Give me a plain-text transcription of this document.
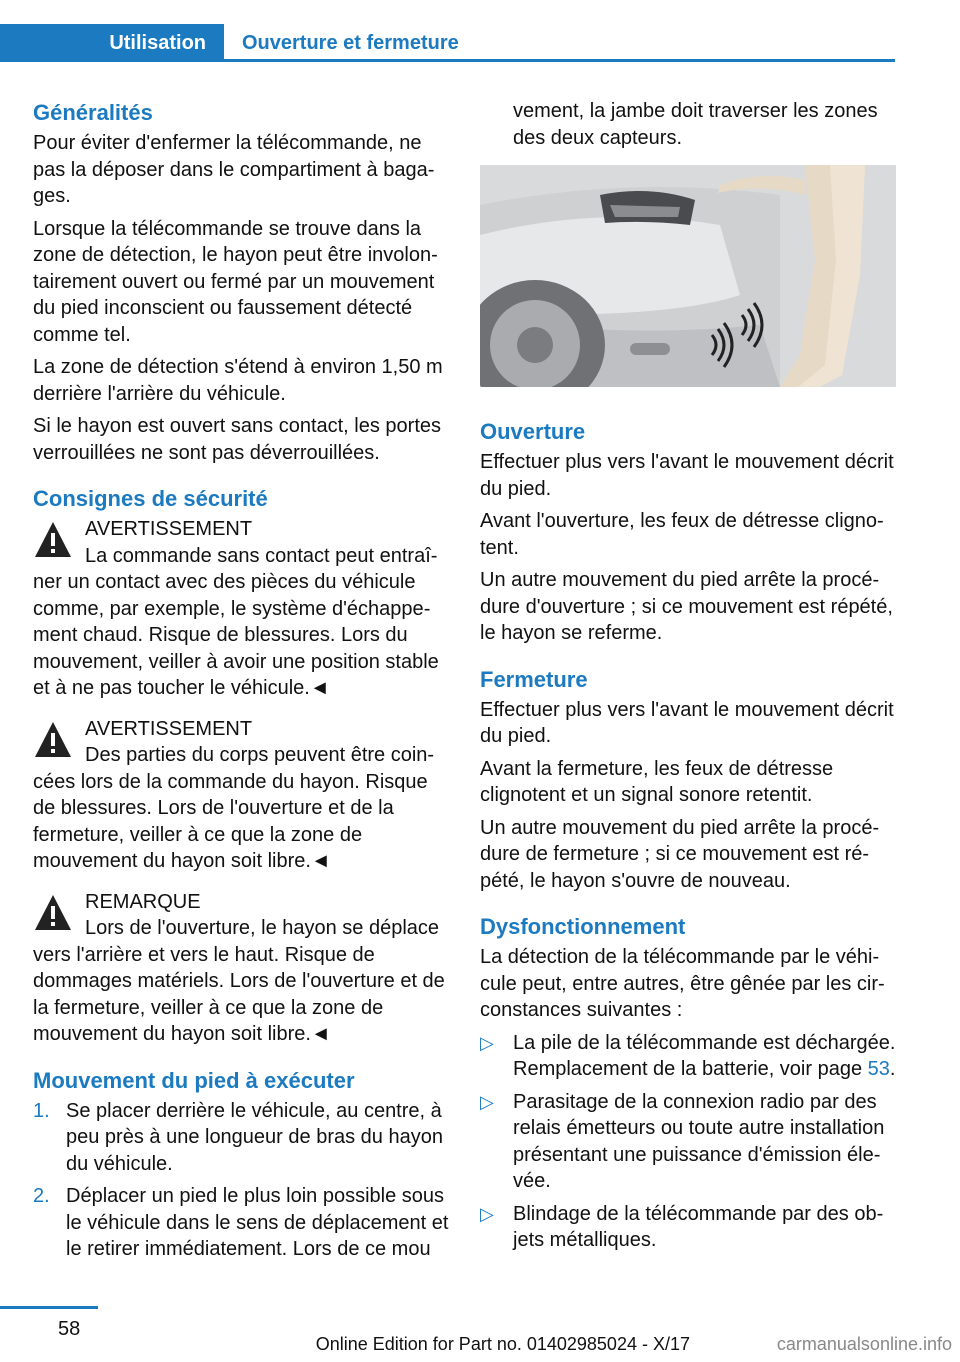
Utilisation	Ouverture et fermeture
Généralités

Pour éviter d'enfermer la télécommande, ne pas la déposer dans le compartiment à bagages.

Lorsque la télécommande se trouve dans la zone de détection, le hayon peut être involontairement ouvert ou fermé par un mouvement du pied inconscient ou faussement détecté comme tel.

La zone de détection s'étend à environ 1,50 m derrière l'arrière du véhicule.

Si le hayon est ouvert sans contact, les portes verrouillées ne sont pas déverrouillées.

Consignes de sécurité
AVERTISSEMENT
La commande sans contact peut entraîner un contact avec des pièces du véhicule comme, par exemple, le système d'échappement chaud. Risque de blessures. Lors du mouvement, veiller à avoir une position stable et à ne pas toucher le véhicule.◄
AVERTISSEMENT
Des parties du corps peuvent être coincées lors de la commande du hayon. Risque de blessures. Lors de l'ouverture et de la fermeture, veiller à ce que la zone de mouvement du hayon soit libre.◄
REMARQUE
Lors de l'ouverture, le hayon se déplace vers l'arrière et vers le haut. Risque de dommages matériels. Lors de l'ouverture et de la fermeture, veiller à ce que la zone de mouvement du hayon soit libre.◄
Mouvement du pied à exécuter
1. Se placer derrière le véhicule, au centre, à peu près à une longueur de bras du hayon du véhicule.
2. Déplacer un pied le plus loin possible sous le véhicule dans le sens de déplacement et le retirer immédiatement. Lors de ce mou

vement, la jambe doit traverser les zones des deux capteurs.

Ouverture

Effectuer plus vers l'avant le mouvement décrit du pied.

Avant l'ouverture, les feux de détresse clignotent.

Un autre mouvement du pied arrête la procédure d'ouverture ; si ce mouvement est répété, le hayon se referme.

Fermeture

Effectuer plus vers l'avant le mouvement décrit du pied.

Avant la fermeture, les feux de détresse clignotent et un signal sonore retentit.

Un autre mouvement du pied arrête la procédure de fermeture ; si ce mouvement est répété, le hayon s'ouvre de nouveau.

Dysfonctionnement

La détection de la télécommande par le véhicule peut, entre autres, être gênée par les circonstances suivantes :

▷ La pile de la télécommande est déchargée. Remplacement de la batterie, voir page 53.
▷ Parasitage de la connexion radio par des relais émetteurs ou toute autre installation présentant une puissance d'émission élevée.
▷ Blindage de la télécommande par des objets métalliques.
58
Online Edition for Part no. 01402985024 - X/17	carmanualsonline.info
